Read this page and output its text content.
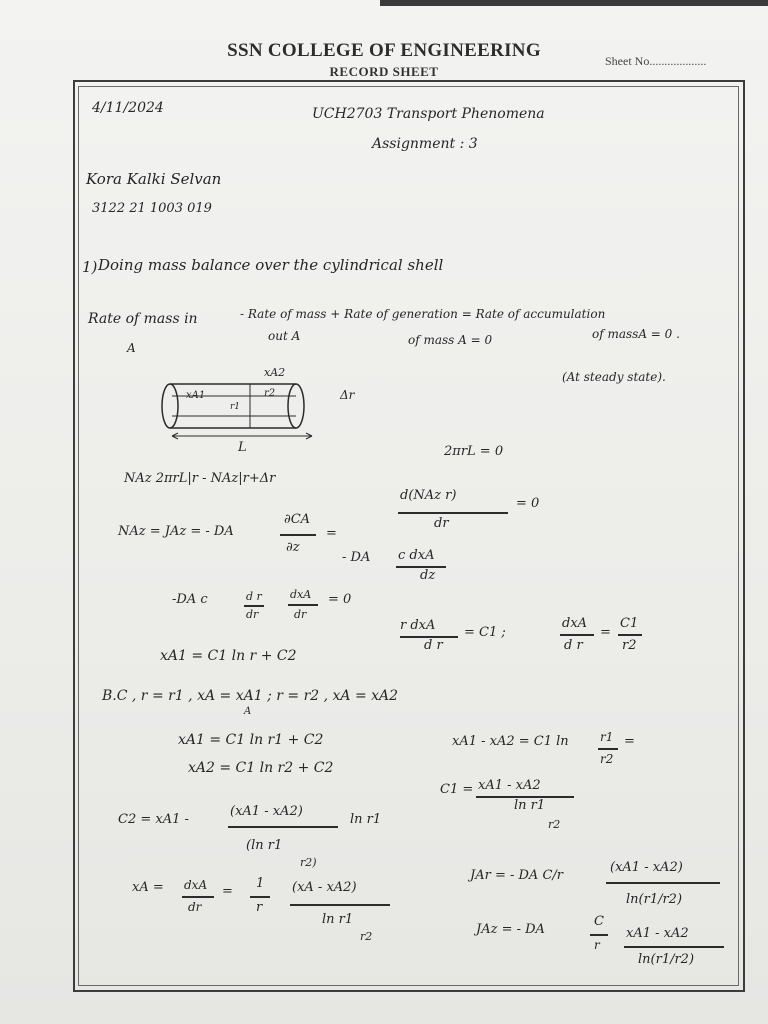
SSN COLLEGE OF ENGINEERING
RECORD SHEET
Sheet No...................
4/11/2024	UCH2703 Transport Phenomena
Assignment : 3
Kora Kalki Selvan
3122 21 1003 019
1) Doing mass balance over the cylindrical shell
Rate of mass in
A
- Rate of mass + Rate of generation = Rate of accumulation
out A	of mass A = 0	of massA = 0 .
(At steady state).
xA2
xA1	r2
r1
L
Δr
2πrL = 0
NAz 2πrL|r - NAz|r+Δr
d(NAz r)
= 0
dr
NAz = JAz = - DA
∂CA
∂z
=
- DA c dxA
dz
-DA c	d r
dr
dxA
dr
= 0
r dxA
d r
= C1 ;
dxA
d r
=
C1
r2
xA1 = C1 ln r + C2
B.C , r = r1 , xA = xA1 ; r = r2 , xA = xA2
A
xA1 = C1 ln r1 + C2
xA2 = C1 ln r2 + C2
xA1 - xA2 = C1 ln	r1
r2
=
C1 = xA1 - xA2
ln r1
r2
C2 = xA1 -
(xA1 - xA2)
ln r1
(ln r1
r2)
JAr = - DA C/r
(xA1 - xA2)
ln(r1/r2)
xA = dxA
dr
=
1
r
(xA - xA2)
ln r1
r2	JAz = - DA
C
r
xA1 - xA2
ln(r1/r2)
